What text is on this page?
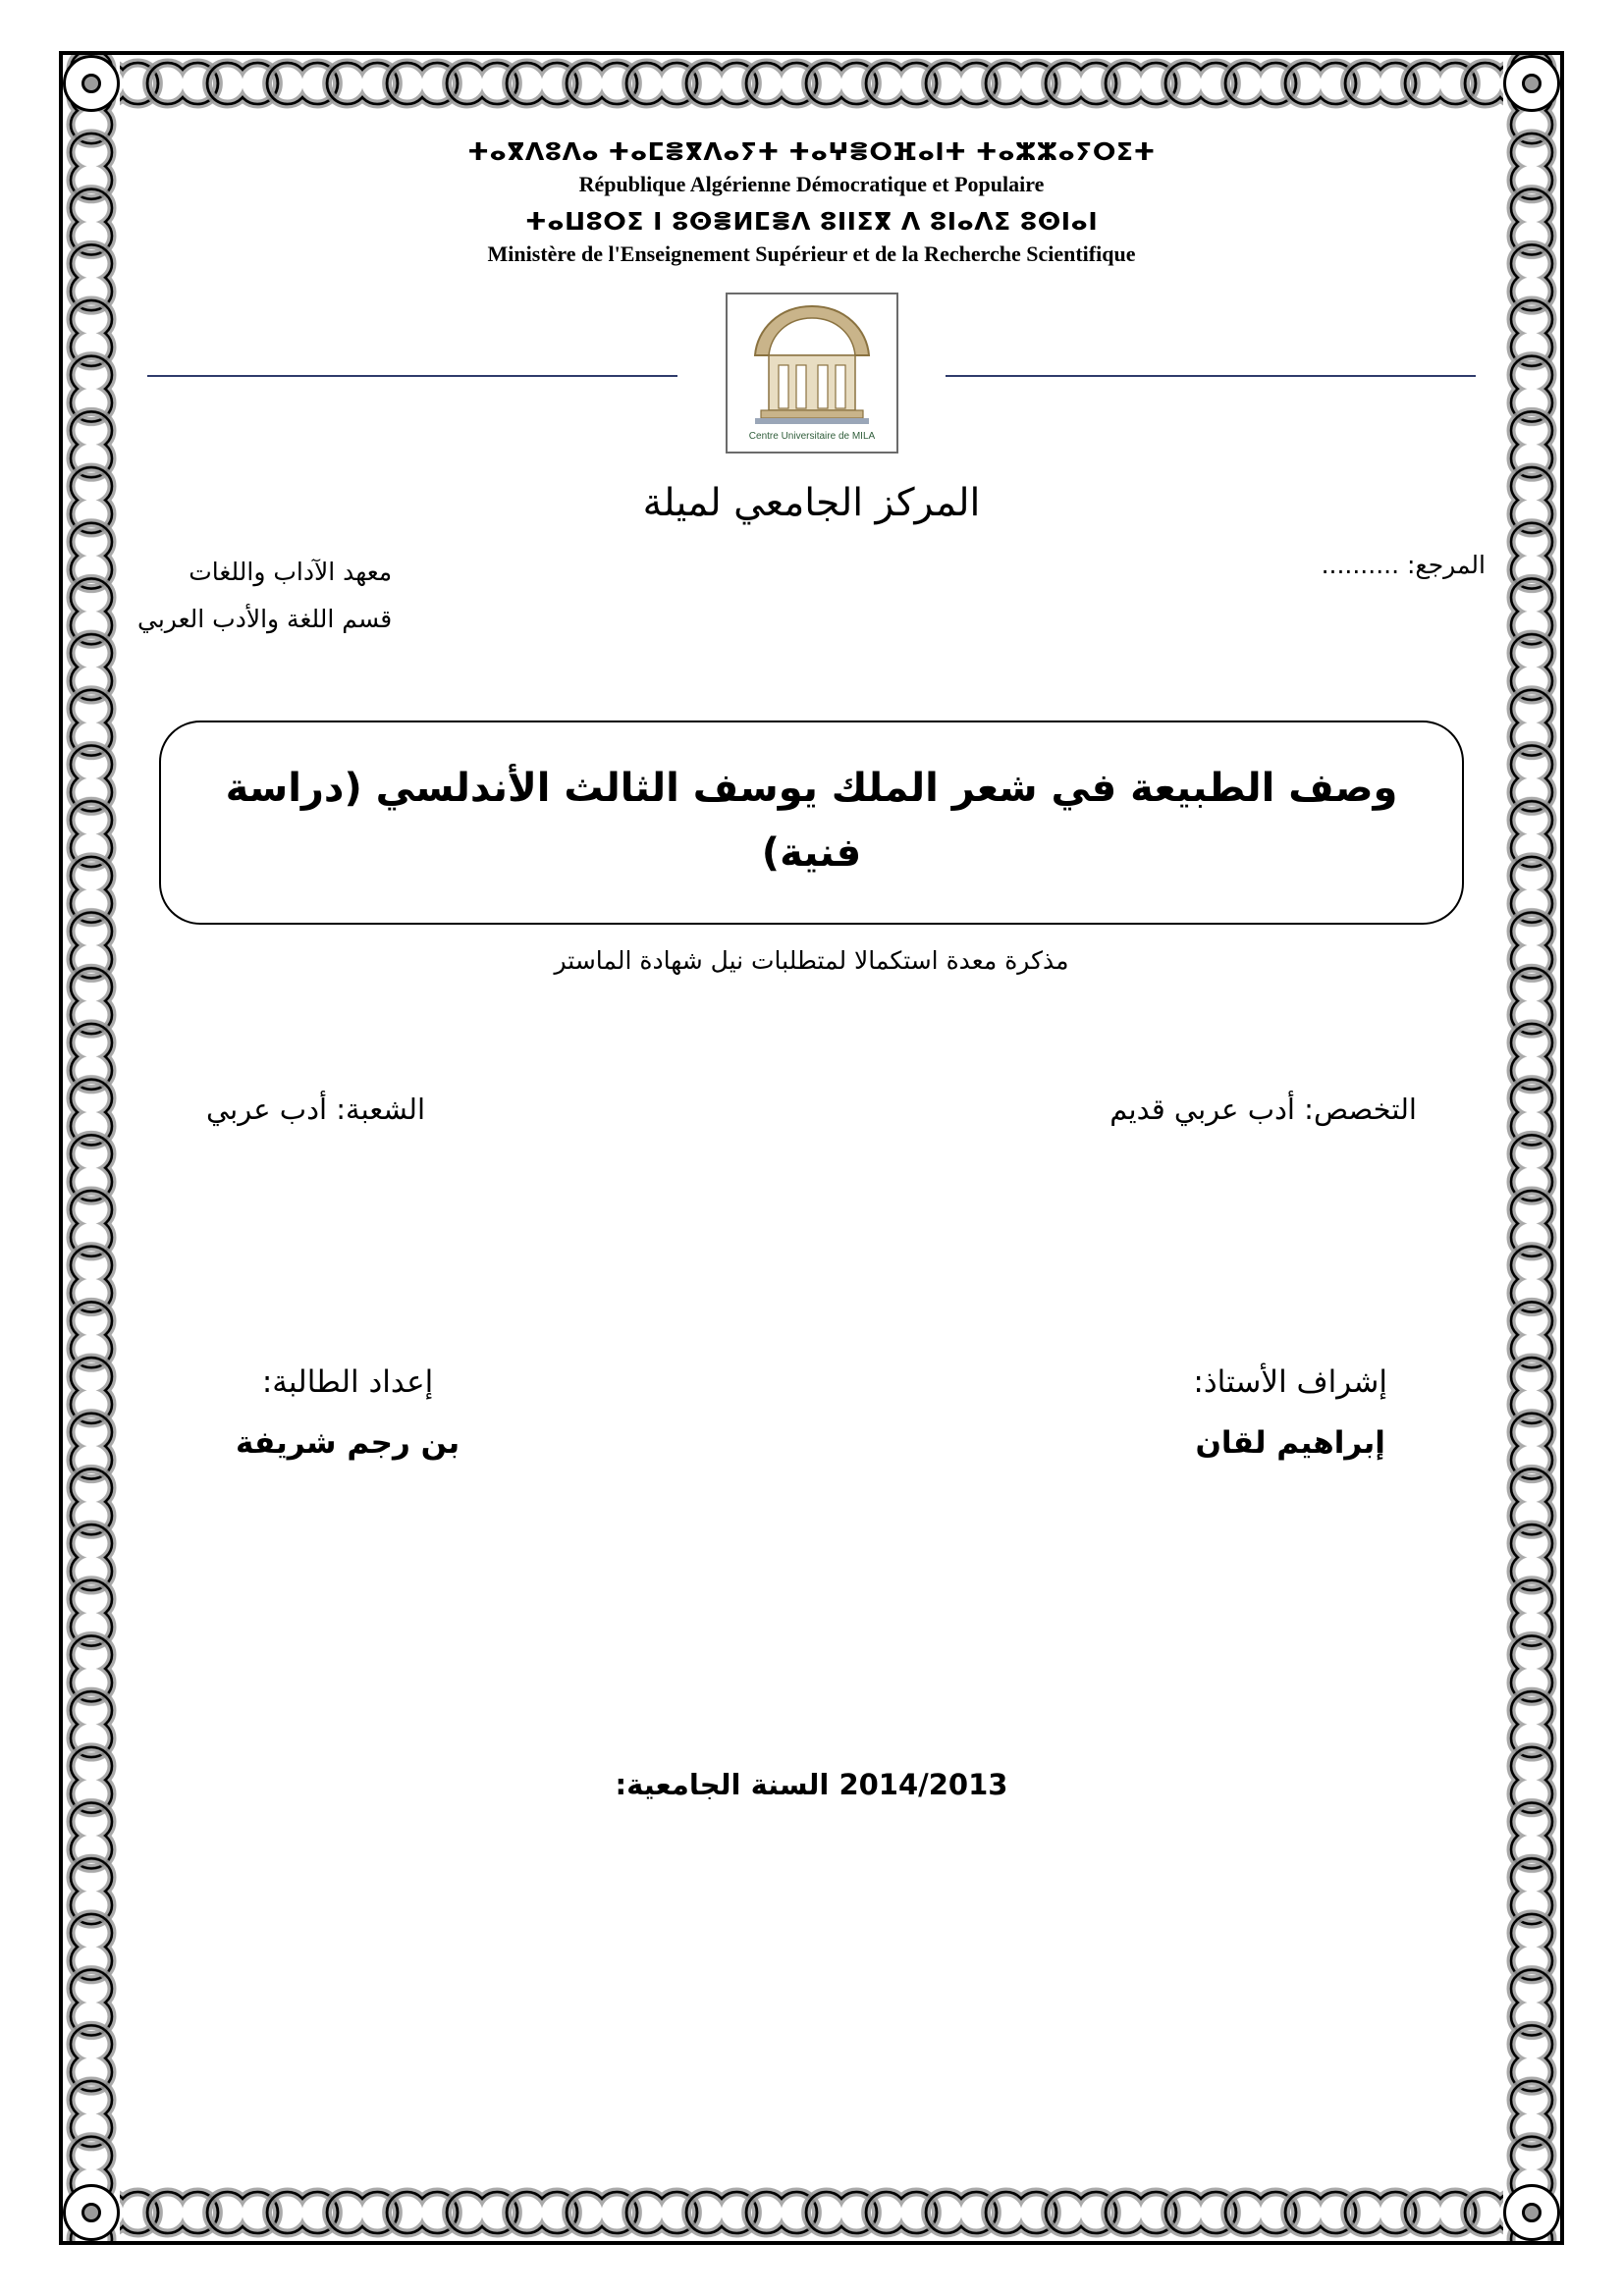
ⵜⴰⴳⴷⵓⴷⴰ ⵜⴰⵎⴻⴳⴷⴰⵢⵜ ⵜⴰⵖⴻⵔⴼⴰⵏⵜ ⵜⴰⵣⵣⴰⵢⵔⵉⵜ
République Algérienne Démocratique et Populaire
ⵜⴰⵡⵓⵔⵉ ⵏ ⵓⵙⴻⵍⵎⴻⴷ ⵓⵏⵏⵉⴳ ⴷ ⵓⵏⴰⴷⵉ ⵓⵙⵏⴰⵏ
Ministère de l'Enseignement Supérieur et de la Recherche Scientifique
Centre Universitaire de MILA
المركز الجامعي لميلة
المرجع: ..........
معهد الآداب واللغات
قسم اللغة والأدب العربي
وصف الطبيعة في شعر الملك يوسف الثالث الأندلسي (دراسة فنية)
مذكرة معدة استكمالا لمتطلبات نيل شهادة الماستر
التخصص: أدب عربي قديم
الشعبة: أدب عربي
إشراف الأستاذ:
إبراهيم لقان
إعداد الطالبة:
بن رجم شريفة
2014/2013 السنة الجامعية:
